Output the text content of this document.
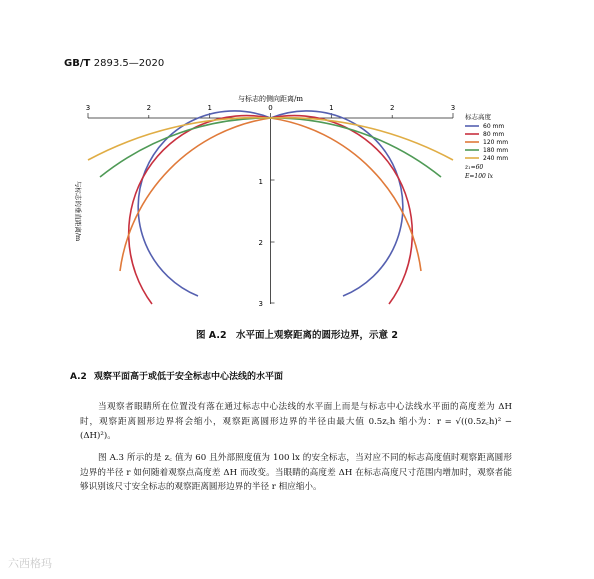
GB/T 2893.5—2020
3	2	1	0	1	2	3
与标志的侧向距离/m
1
2
3
与标志的垂直距离/m
标志高度
60 mm
80 mm
120 mm
180 mm
240 mm
z₁=60
E=100 lx
图 A.2　水平面上观察距离的圆形边界，示意 2
A.2 观察平面高于或低于安全标志中心法线的水平面
当观察者眼睛所在位置没有落在通过标志中心法线的水平面上而是与标志中心法线水平面的高度差为 ΔH 时，观察距离圆形边界将会缩小，观察距离圆形边界的半径由最大值 0.5z꜀h 缩小为：r = √((0.5z꜀h)² − (ΔH)²)。
图 A.3 所示的是 z꜀ 值为 60 且外部照度值为 100 lx 的安全标志，当对应不同的标志高度值时观察距离圆形边界的半径 r 如何随着观察点高度差 ΔH 而改变。当眼睛的高度差 ΔH 在标志高度尺寸范围内增加时，观察者能够识别该尺寸安全标志的观察距离圆形边界的半径 r 相应缩小。
六西格玛
